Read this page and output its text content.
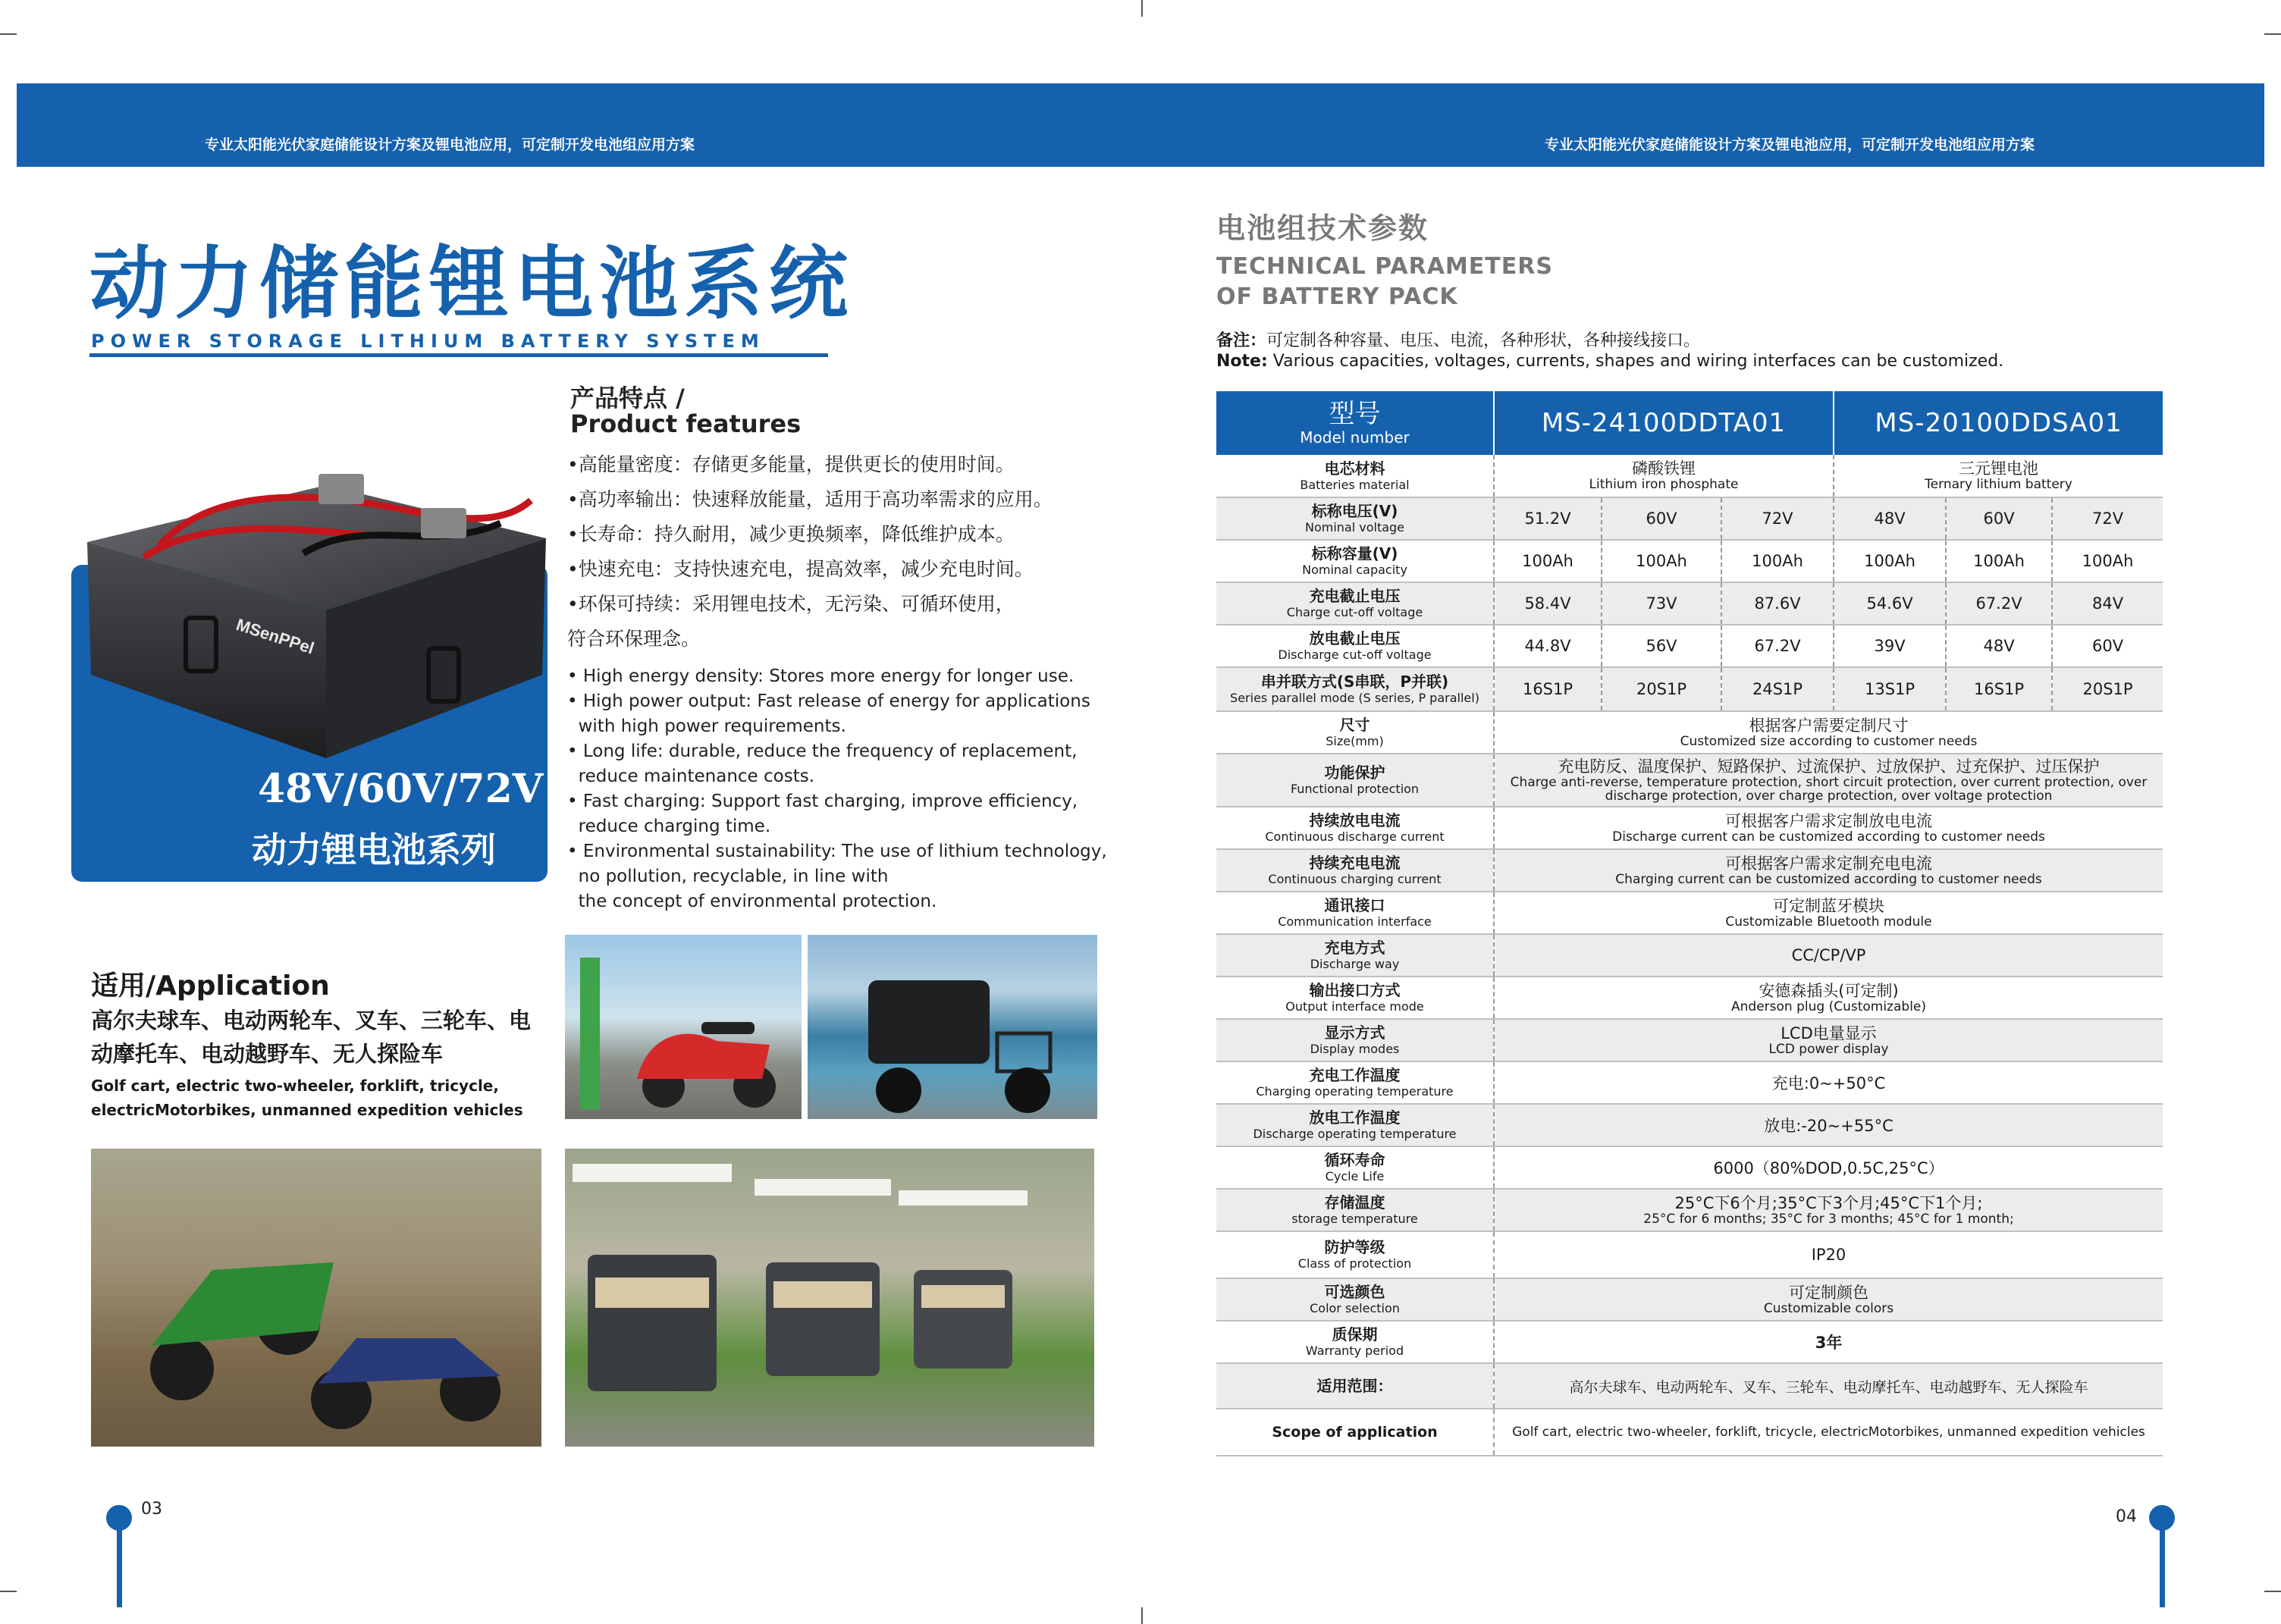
专业太阳能光伏家庭储能设计方案及锂电池应用，可定制开发电池组应用方案	专业太阳能光伏家庭储能设计方案及锂电池应用，可定制开发电池组应用方案
动力储能锂电池系统
POWER STORAGE LITHIUM BATTERY SYSTEM
MSenPPel
48V/60V/72V
动力锂电池系列
产品特点 /
Product features
•高能量密度：存储更多能量，提供更长的使用时间。
•高功率输出：快速释放能量，适用于高功率需求的应用。
•长寿命：持久耐用，减少更换频率，降低维护成本。
•快速充电：支持快速充电，提高效率，减少充电时间。
•环保可持续：采用锂电技术，无污染、可循环使用，
符合环保理念。
• High energy density: Stores more energy for longer use.
• High power output: Fast release of energy for applications
with high power requirements.
• Long life: durable, reduce the frequency of replacement,
reduce maintenance costs.
• Fast charging: Support fast charging, improve efficiency,
reduce charging time.
• Environmental sustainability: The use of lithium technology,
no pollution, recyclable, in line with
the concept of environmental protection.
适用/Application
高尔夫球车、电动两轮车、叉车、三轮车、电动摩托车、电动越野车、无人探险车
Golf cart, electric two-wheeler, forklift, tricycle, electricMotorbikes, unmanned expedition vehicles
03
电池组技术参数
TECHNICAL PARAMETERS
OF BATTERY PACK
备注：可定制各种容量、电压、电流，各种形状，各种接线接口。
Note: Various capacities, voltages, currents, shapes and wiring interfaces can be customized.
型号
Model number	MS-24100DDTA01			MS-20100DDSA01		

电芯材料
Batteries material	磷酸铁锂
Lithium iron phosphate			三元锂电池
Ternary lithium battery		

标称电压(V)
Nominal voltage	51.2V	60V	72V	48V	60V	72V

标称容量(V)
Nominal capacity	100Ah	100Ah	100Ah	100Ah	100Ah	100Ah

充电截止电压
Charge cut-off voltage	58.4V	73V	87.6V	54.6V	67.2V	84V

放电截止电压
Discharge cut-off voltage	44.8V	56V	67.2V	39V	48V	60V

串并联方式(S串联，P并联)
Series parallel mode (S series, P parallel)	16S1P	20S1P	24S1P	13S1P	16S1P	20S1P

尺寸
Size(mm)	根据客户需要定制尺寸
Customized size according to customer needs					

功能保护
Functional protection	充电防反、温度保护、短路保护、过流保护、过放保护、过充保护、过压保护
Charge anti-reverse, temperature protection, short circuit protection, over current protection, over discharge protection, over charge protection, over voltage protection					

持续放电电流
Continuous discharge current	可根据客户需求定制放电电流
Discharge current can be customized according to customer needs					

持续充电电流
Continuous charging current	可根据客户需求定制充电电流
Charging current can be customized according to customer needs					

通讯接口
Communication interface	可定制蓝牙模块
Customizable Bluetooth module					

充电方式
Discharge way	CC/CP/VP					

输出接口方式
Output interface mode	安德森插头(可定制)
Anderson plug (Customizable)					

显示方式
Display modes	LCD电量显示
LCD power display					

充电工作温度
Charging operating temperature	充电:0~+50°C					

放电工作温度
Discharge operating temperature	放电:-20~+55°C					

循环寿命
Cycle Life	6000（80%DOD,0.5C,25°C）					

存储温度
storage temperature	25°C下6个月;35°C下3个月;45°C下1个月;
25°C for 6 months; 35°C for 3 months; 45°C for 1 month;					

防护等级
Class of protection	IP20					

可选颜色
Color selection	可定制颜色
Customizable colors					

质保期
Warranty period	3年					

适用范围：	高尔夫球车、电动两轮车、叉车、三轮车、电动摩托车、电动越野车、无人探险车					
Scope of application	Golf cart, electric two-wheeler, forklift, tricycle, electricMotorbikes, unmanned expedition vehicles					
04
